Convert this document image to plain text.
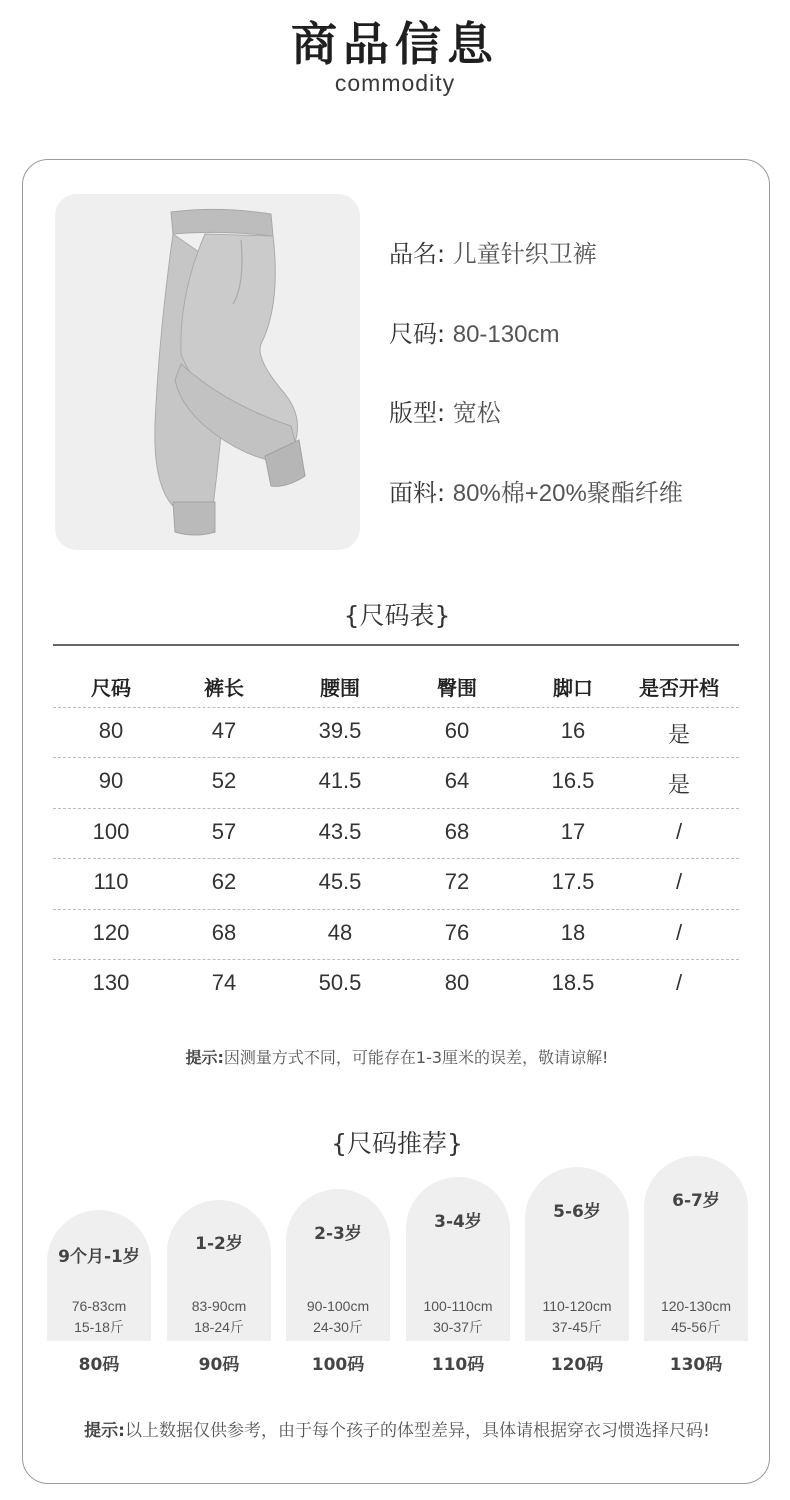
商品信息
commodity
品名: 儿童针织卫裤
尺码: 80-130cm
版型: 宽松
面料: 80%棉+20%聚酯纤维
{尺码表}
尺码	裤长	腰围	臀围	脚口	是否开档
80	47	39.5	60	16	是
90	52	41.5	64	16.5	是
100	57	43.5	68	17	/
110	62	45.5	72	17.5	/
120	68	48	76	18	/
130	74	50.5	80	18.5	/
提示:因测量方式不同，可能存在1-3厘米的误差，敬请谅解!
{尺码推荐}
9个月-1岁
76-83cm
15-18斤
1-2岁
83-90cm
18-24斤
2-3岁
90-100cm
24-30斤
3-4岁
100-110cm
30-37斤
5-6岁
110-120cm
37-45斤
6-7岁
120-130cm
45-56斤
80码	90码	100码	110码	120码	130码
提示:以上数据仅供参考，由于每个孩子的体型差异，具体请根据穿衣习惯选择尺码!
